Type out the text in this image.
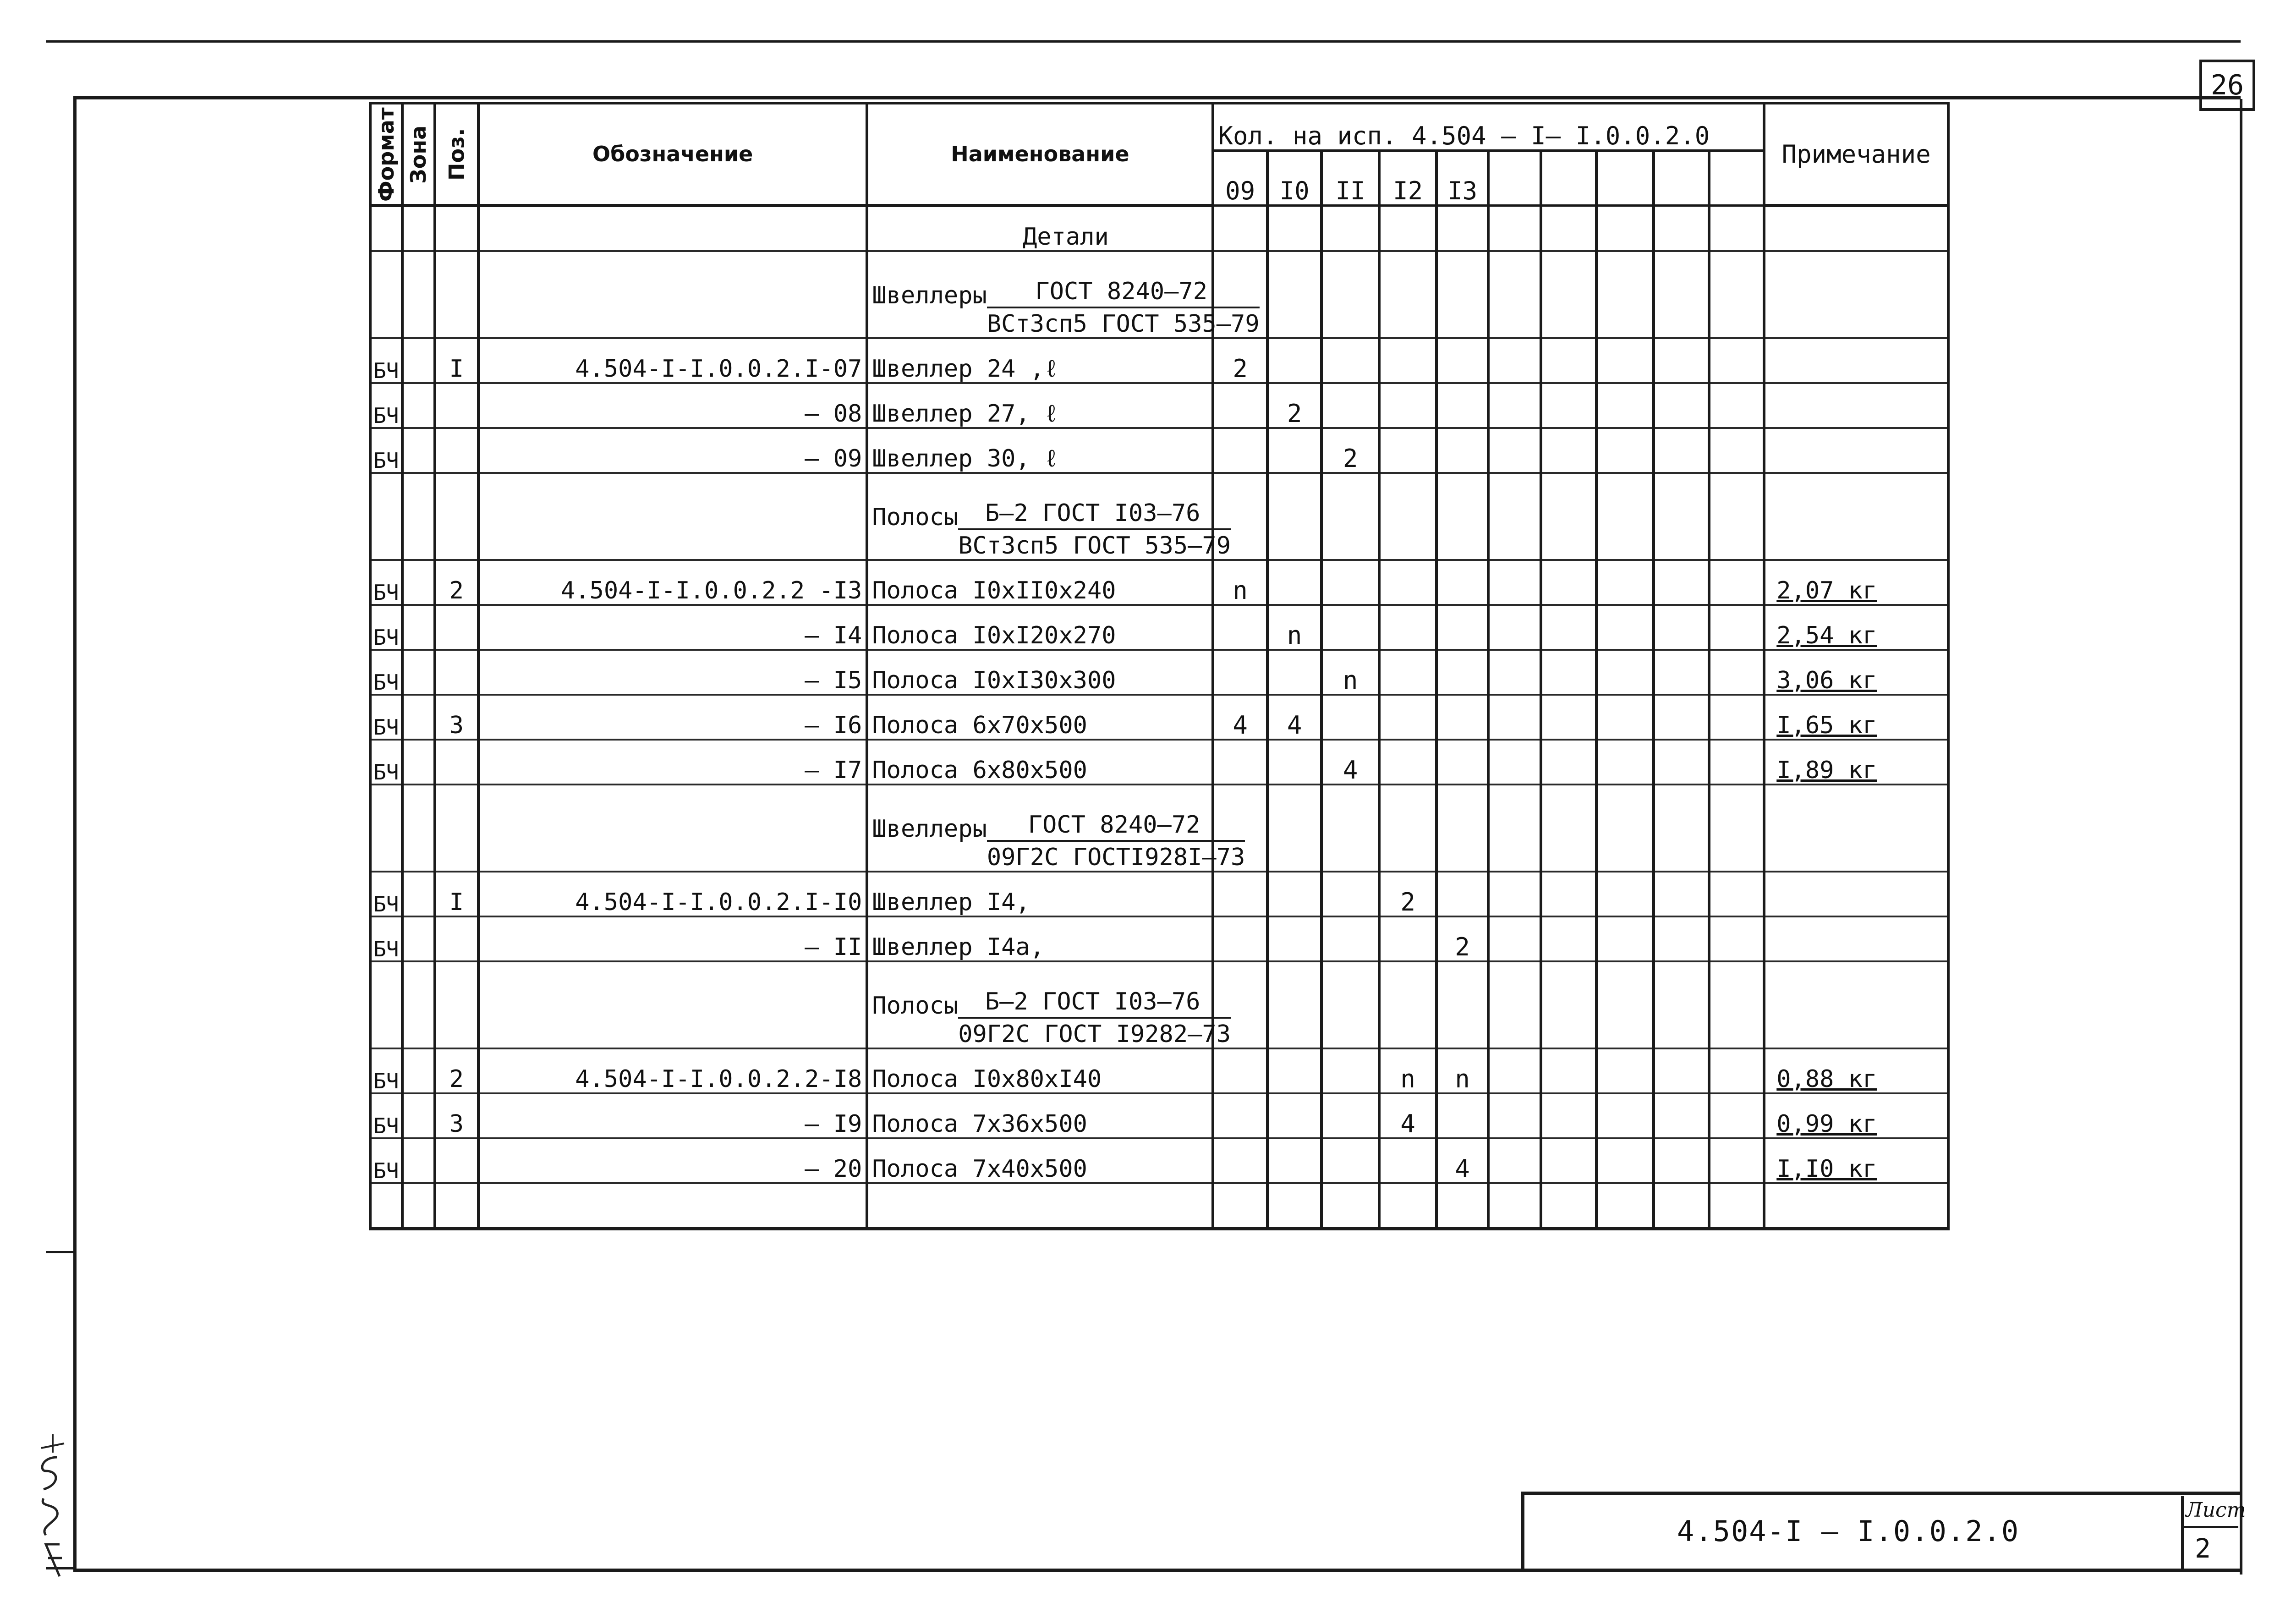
26
Формат	Зона	Поз.	Обозначение	Наименование	Кол. на исп. 4.504 – I– I.0.0.2.0										Примечание
					09	I0	II	I2	I3						
				Детали											
				Швеллеры ГОСТ 8240–72
ВСт3сп5 ГОСТ 535–79											

БЧ		I	4.504-I-I.0.0.2.I-07	Швеллер 24 ,ℓ	2										
БЧ			– 08	Швеллер 27, ℓ		2									
БЧ			– 09	Швеллер 30, ℓ			2								
				Полосы Б–2 ГОСТ I03–76
ВСт3сп5 ГОСТ 535–79											

БЧ		2	4.504-I-I.0.0.2.2 -I3	Полоса I0xII0x240	n										2,07 кг
БЧ			– I4	Полоса I0xI20x270		n									2,54 кг
БЧ			– I5	Полоса I0xI30x300			n								3,06 кг
БЧ		3	– I6	Полоса 6x70x500	4	4									I,65 кг
БЧ			– I7	Полоса 6x80x500			4								I,89 кг
				Швеллеры ГОСТ 8240–72
09Г2С ГОСТI928I–73											

БЧ		I	4.504-I-I.0.0.2.I-I0	Швеллер I4,				2							
БЧ			– II	Швеллер I4а,					2						
				Полосы Б–2 ГОСТ I03–76
09Г2С ГОСТ I9282–73											

БЧ		2	4.504-I-I.0.0.2.2-I8	Полоса I0x80xI40				n	n						0,88 кг
БЧ		3	– I9	Полоса 7x36x500				4							0,99 кг
БЧ			– 20	Полоса 7x40x500					4						I,I0 кг

4.504-I – I.0.0.2.0
Лист
2
